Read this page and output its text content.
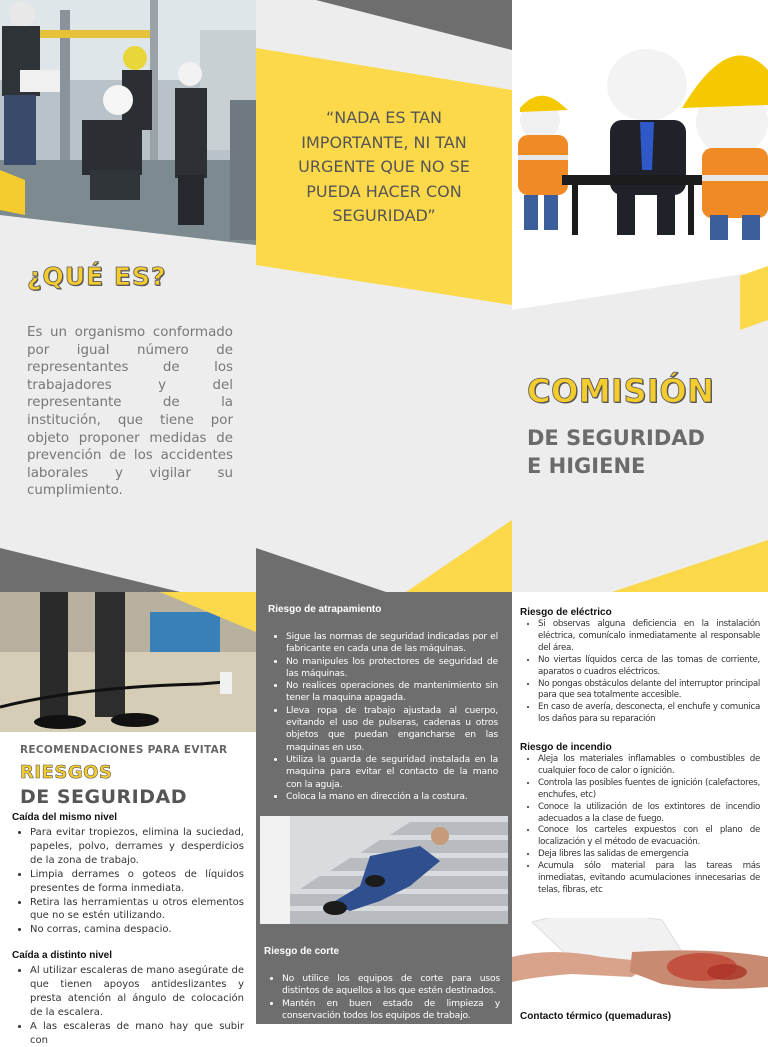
¿QUÉ ES?
Es un organismo conformado por igual número de representantes de los trabajadores y del representante de la institución, que tiene por objeto proponer medidas de prevención de los accidentes laborales y vigilar su cumplimiento.
“NADA ES TAN
IMPORTANTE, NI TAN
URGENTE QUE NO SE
PUEDA HACER CON
SEGURIDAD”
COMISIÓN
DE SEGURIDAD
E HIGIENE
RECOMENDACIONES PARA EVITAR
RIESGOS
DE SEGURIDAD
Caída del mismo nivel
• Para evitar tropiezos, elimina la suciedad, papeles, polvo, derrames y desperdicios de la zona de trabajo.
• Limpia derrames o goteos de líquidos presentes de forma inmediata.
• Retira las herramientas u otros elementos que no se estén utilizando.
• No corras, camina despacio.
Caída a distinto nivel
• Al utilizar escaleras de mano asegúrate de que tienen apoyos antideslizantes y presta atención al ángulo de colocación de la escalera.
• A las escaleras de mano hay que subir con
Riesgo de atrapamiento
• Sigue las normas de seguridad indicadas por el fabricante en cada una de las máquinas.
• No manipules los protectores de seguridad de las máquinas.
• No realices operaciones de mantenimiento sin tener la maquina apagada.
• Lleva ropa de trabajo ajustada al cuerpo, evitando el uso de pulseras, cadenas u otros objetos que puedan engancharse en las maquinas en uso.
• Utiliza la guarda de seguridad instalada en la maquina para evitar el contacto de la mano con la aguja.
• Coloca la mano en dirección a la costura.
Riesgo de corte
• No utilice los equipos de corte para usos distintos de aquellos a los que estén destinados.
• Mantén en buen estado de limpieza y conservación todos los equipos de trabajo.
Riesgo de eléctrico
• Si observas alguna deficiencia en la instalación eléctrica, comunícalo inmediatamente al responsable del área.
• No viertas líquidos cerca de las tomas de corriente, aparatos o cuadros eléctricos.
• No pongas obstáculos delante del interruptor principal para que sea totalmente accesible.
• En caso de avería, desconecta, el enchufe y comunica los daños para su reparación
Riesgo de incendio
• Aleja los materiales inflamables o combustibles de cualquier foco de calor o ignición.
• Controla las posibles fuentes de ignición (calefactores, enchufes, etc)
• Conoce la utilización de los extintores de incendio adecuados a la clase de fuego.
• Conoce los carteles expuestos con el plano de localización y el método de evacuación.
• Deja libres las salidas de emergencia
• Acumula sólo material para las tareas más inmediatas, evitando acumulaciones innecesarias de telas, fibras, etc
Contacto térmico (quemaduras)
